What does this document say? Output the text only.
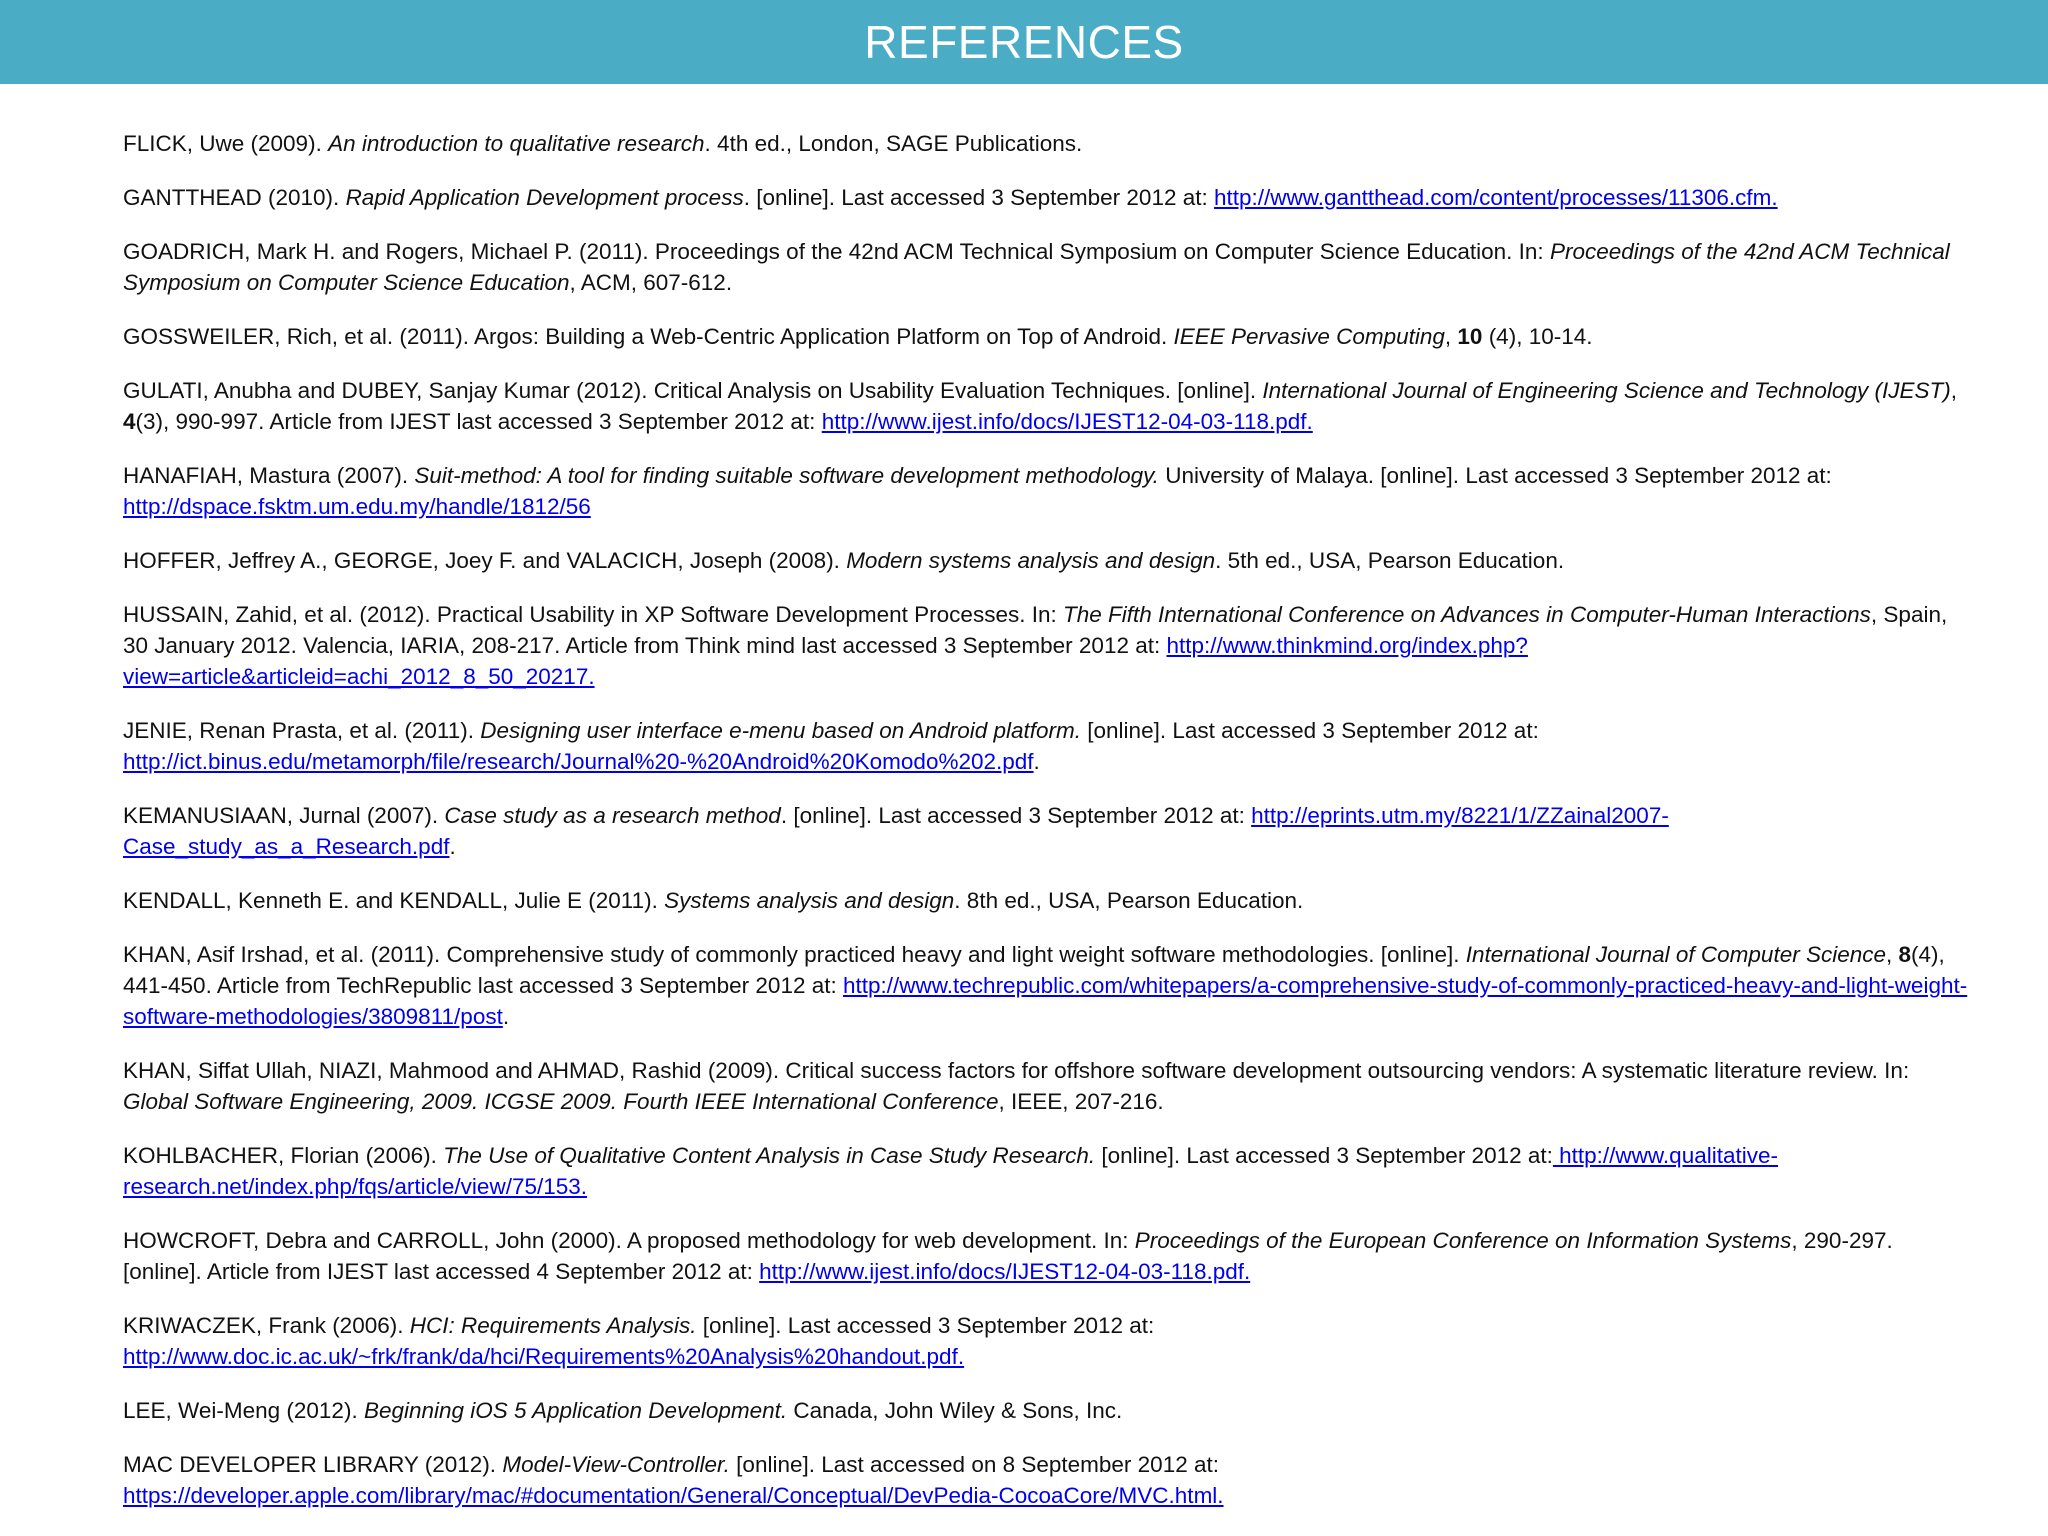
REFERENCES

FLICK, Uwe (2009). An introduction to qualitative research. 4th ed., London, SAGE Publications.

GANTTHEAD (2010). Rapid Application Development process. [online]. Last accessed 3 September 2012 at: http://www.gantthead.com/content/processes/11306.cfm.

GOADRICH, Mark H. and Rogers, Michael P. (2011). Proceedings of the 42nd ACM Technical Symposium on Computer Science Education. In: Proceedings of the 42nd ACM Technical Symposium on Computer Science Education, ACM, 607-612.

GOSSWEILER, Rich, et al. (2011). Argos: Building a Web-Centric Application Platform on Top of Android. IEEE Pervasive Computing, 10 (4), 10-14.

GULATI, Anubha and DUBEY, Sanjay Kumar (2012). Critical Analysis on Usability Evaluation Techniques. [online]. International Journal of Engineering Science and Technology (IJEST), 4(3), 990-997. Article from IJEST last accessed 3 September 2012 at: http://www.ijest.info/docs/IJEST12-04-03-118.pdf.

HANAFIAH, Mastura (2007). Suit-method: A tool for finding suitable software development methodology. University of Malaya. [online]. Last accessed 3 September 2012 at: http://dspace.fsktm.um.edu.my/handle/1812/56

HOFFER, Jeffrey A., GEORGE, Joey F. and VALACICH, Joseph (2008). Modern systems analysis and design. 5th ed., USA, Pearson Education.

HUSSAIN, Zahid, et al. (2012). Practical Usability in XP Software Development Processes. In: The Fifth International Conference on Advances in Computer-Human Interactions, Spain, 30 January 2012. Valencia, IARIA, 208-217. Article from Think mind last accessed 3 September 2012 at: http://www.thinkmind.org/index.php?view=article&articleid=achi_2012_8_50_20217.

JENIE, Renan Prasta, et al. (2011). Designing user interface e-menu based on Android platform. [online]. Last accessed 3 September 2012 at: http://ict.binus.edu/metamorph/file/research/Journal%20-%20Android%20Komodo%202.pdf.

KEMANUSIAAN, Jurnal (2007). Case study as a research method. [online]. Last accessed 3 September 2012 at: http://eprints.utm.my/8221/1/ZZainal2007-Case_study_as_a_Research.pdf.

KENDALL, Kenneth E. and KENDALL, Julie E (2011). Systems analysis and design. 8th ed., USA, Pearson Education.

KHAN, Asif Irshad, et al. (2011). Comprehensive study of commonly practiced heavy and light weight software methodologies. [online]. International Journal of Computer Science, 8(4), 441-450. Article from TechRepublic last accessed 3 September 2012 at: http://www.techrepublic.com/whitepapers/a-comprehensive-study-of-commonly-practiced-heavy-and-light-weight-software-methodologies/3809811/post.

KHAN, Siffat Ullah, NIAZI, Mahmood and AHMAD, Rashid (2009). Critical success factors for offshore software development outsourcing vendors: A systematic literature review. In: Global Software Engineering, 2009. ICGSE 2009. Fourth IEEE International Conference, IEEE, 207-216.

KOHLBACHER, Florian (2006). The Use of Qualitative Content Analysis in Case Study Research. [online]. Last accessed 3 September 2012 at: http://www.qualitative-research.net/index.php/fqs/article/view/75/153.

HOWCROFT, Debra and CARROLL, John (2000). A proposed methodology for web development. In: Proceedings of the European Conference on Information Systems, 290-297. [online]. Article from IJEST last accessed 4 September 2012 at: http://www.ijest.info/docs/IJEST12-04-03-118.pdf.

KRIWACZEK, Frank (2006). HCI: Requirements Analysis. [online]. Last accessed 3 September 2012 at: http://www.doc.ic.ac.uk/~frk/frank/da/hci/Requirements%20Analysis%20handout.pdf.

LEE, Wei-Meng (2012). Beginning iOS 5 Application Development. Canada, John Wiley & Sons, Inc.

MAC DEVELOPER LIBRARY (2012). Model-View-Controller. [online]. Last accessed on 8 September 2012 at: https://developer.apple.com/library/mac/#documentation/General/Conceptual/DevPedia-CocoaCore/MVC.html.
